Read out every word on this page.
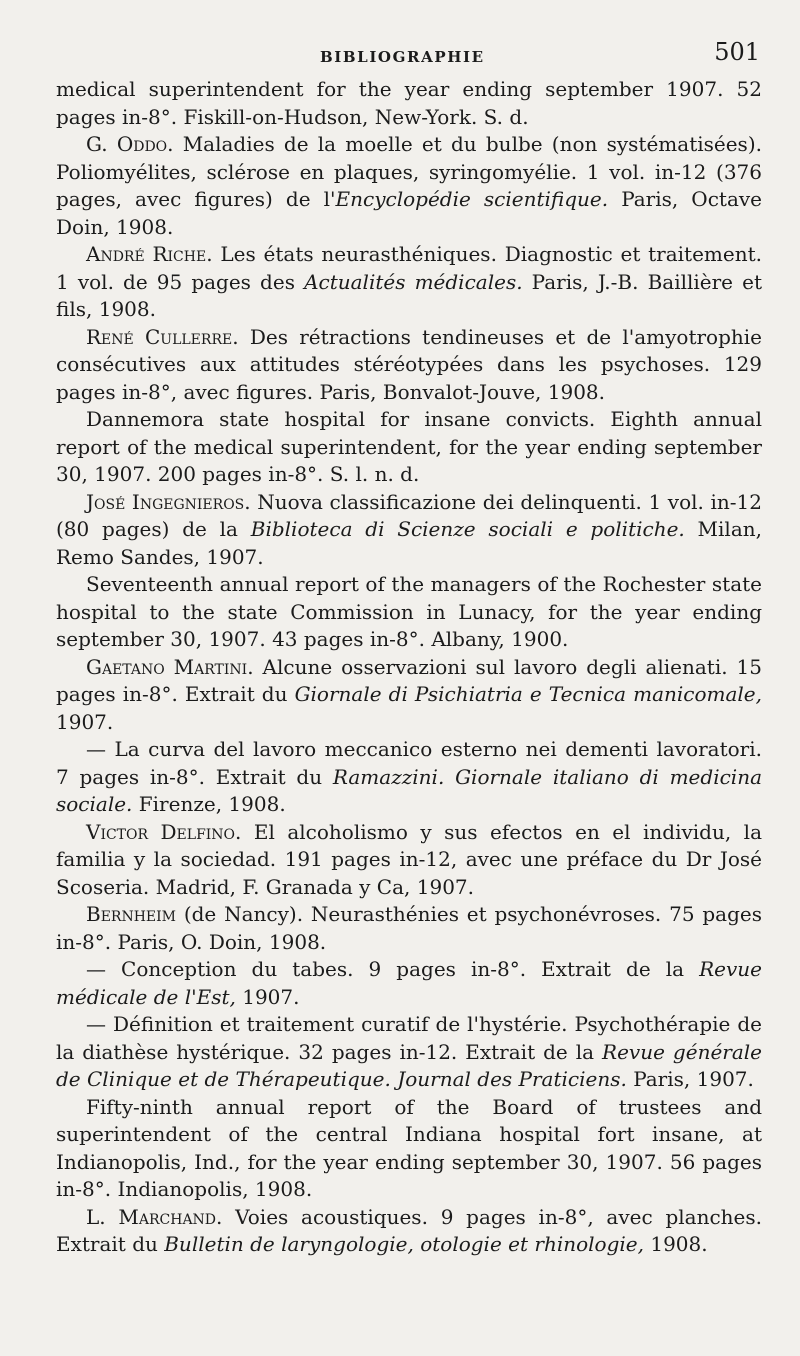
BIBLIOGRAPHIE	501

medical superintendent for the year ending september 1907. 52 pages in-8°. Fiskill-on-Hudson, New-York. S. d.

G. Oddo. Maladies de la moelle et du bulbe (non systématisées). Poliomyélites, sclérose en plaques, syringomyélie. 1 vol. in-12 (376 pages, avec figures) de l'Encyclopédie scientifique. Paris, Octave Doin, 1908.

André Riche. Les états neurasthéniques. Diagnostic et traitement. 1 vol. de 95 pages des Actualités médicales. Paris, J.-B. Baillière et fils, 1908.

René Cullerre. Des rétractions tendineuses et de l'amyotrophie consécutives aux attitudes stéréotypées dans les psychoses. 129 pages in-8°, avec figures. Paris, Bonvalot-Jouve, 1908.

Dannemora state hospital for insane convicts. Eighth annual report of the medical superintendent, for the year ending september 30, 1907. 200 pages in-8°. S. l. n. d.

José Ingegnieros. Nuova classificazione dei delinquenti. 1 vol. in-12 (80 pages) de la Biblioteca di Scienze sociali e politiche. Milan, Remo Sandes, 1907.

Seventeenth annual report of the managers of the Rochester state hospital to the state Commission in Lunacy, for the year ending september 30, 1907. 43 pages in-8°. Albany, 1900.

Gaetano Martini. Alcune osservazioni sul lavoro degli alienati. 15 pages in-8°. Extrait du Giornale di Psichiatria e Tecnica manicomale, 1907.

— La curva del lavoro meccanico esterno nei dementi lavoratori. 7 pages in-8°. Extrait du Ramazzini. Giornale italiano di medicina sociale. Firenze, 1908.

Victor Delfino. El alcoholismo y sus efectos en el individu, la familia y la sociedad. 191 pages in-12, avec une préface du Dr José Scoseria. Madrid, F. Granada y Ca, 1907.

Bernheim (de Nancy). Neurasthénies et psychonévroses. 75 pages in-8°. Paris, O. Doin, 1908.

— Conception du tabes. 9 pages in-8°. Extrait de la Revue médicale de l'Est, 1907.

— Définition et traitement curatif de l'hystérie. Psychothérapie de la diathèse hystérique. 32 pages in-12. Extrait de la Revue générale de Clinique et de Thérapeutique. Journal des Praticiens. Paris, 1907.

Fifty-ninth annual report of the Board of trustees and superintendent of the central Indiana hospital fort insane, at Indianopolis, Ind., for the year ending september 30, 1907. 56 pages in-8°. Indianopolis, 1908.

L. Marchand. Voies acoustiques. 9 pages in-8°, avec planches. Extrait du Bulletin de laryngologie, otologie et rhinologie, 1908.
